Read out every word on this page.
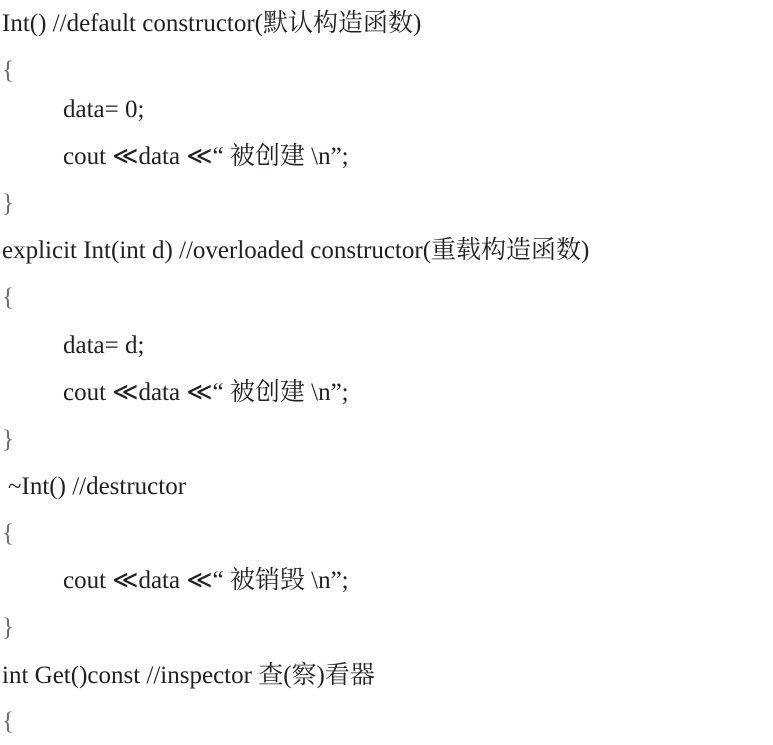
Int() //default constructor(默认构造函数)
{
data= 0;
cout ≪data ≪“ 被创建 \n”;
}
explicit Int(int d) //overloaded constructor(重载构造函数)
{
data= d;
cout ≪data ≪“ 被创建 \n”;
}
~Int() //destructor
{
cout ≪data ≪“ 被销毁 \n”;
}
int Get()const //inspector 查(察)看器
{
